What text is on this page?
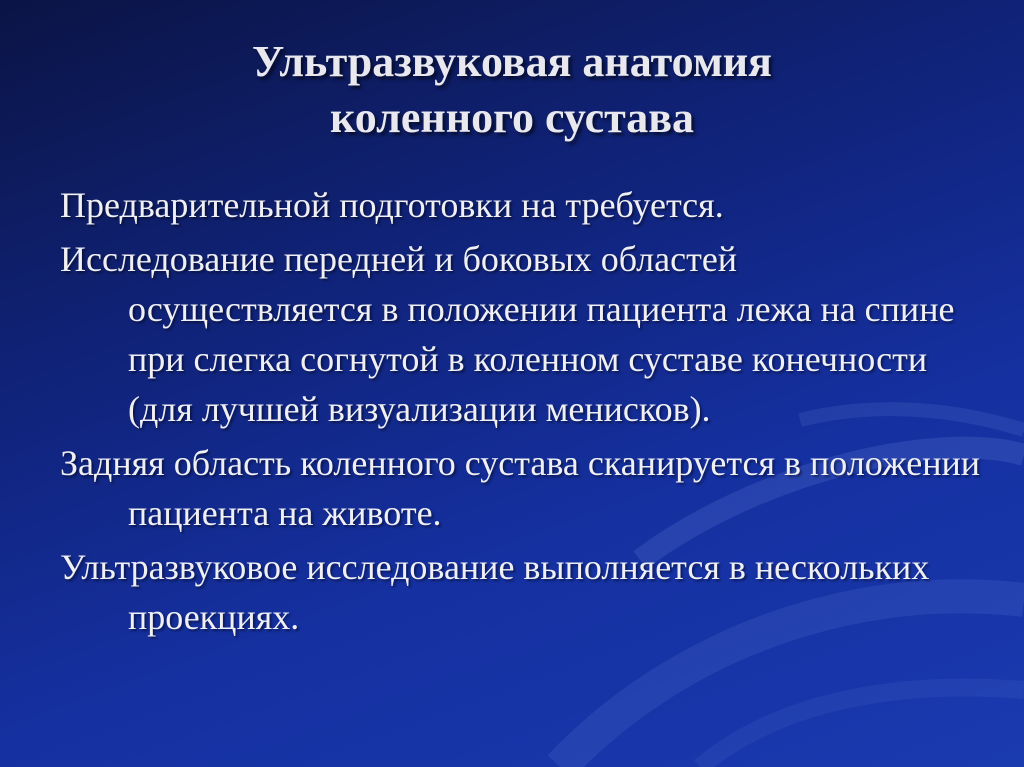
Ультразвуковая анатомия
коленного сустава

Предварительной подготовки на требуется.

Исследование передней и боковых областей осуществляется в положении пациента лежа на спине при слегка согнутой в коленном суставе конечности (для лучшей визуализации менисков).

Задняя область коленного сустава сканируется в положении пациента на животе.

Ультразвуковое исследование выполняется в нескольких проекциях.
